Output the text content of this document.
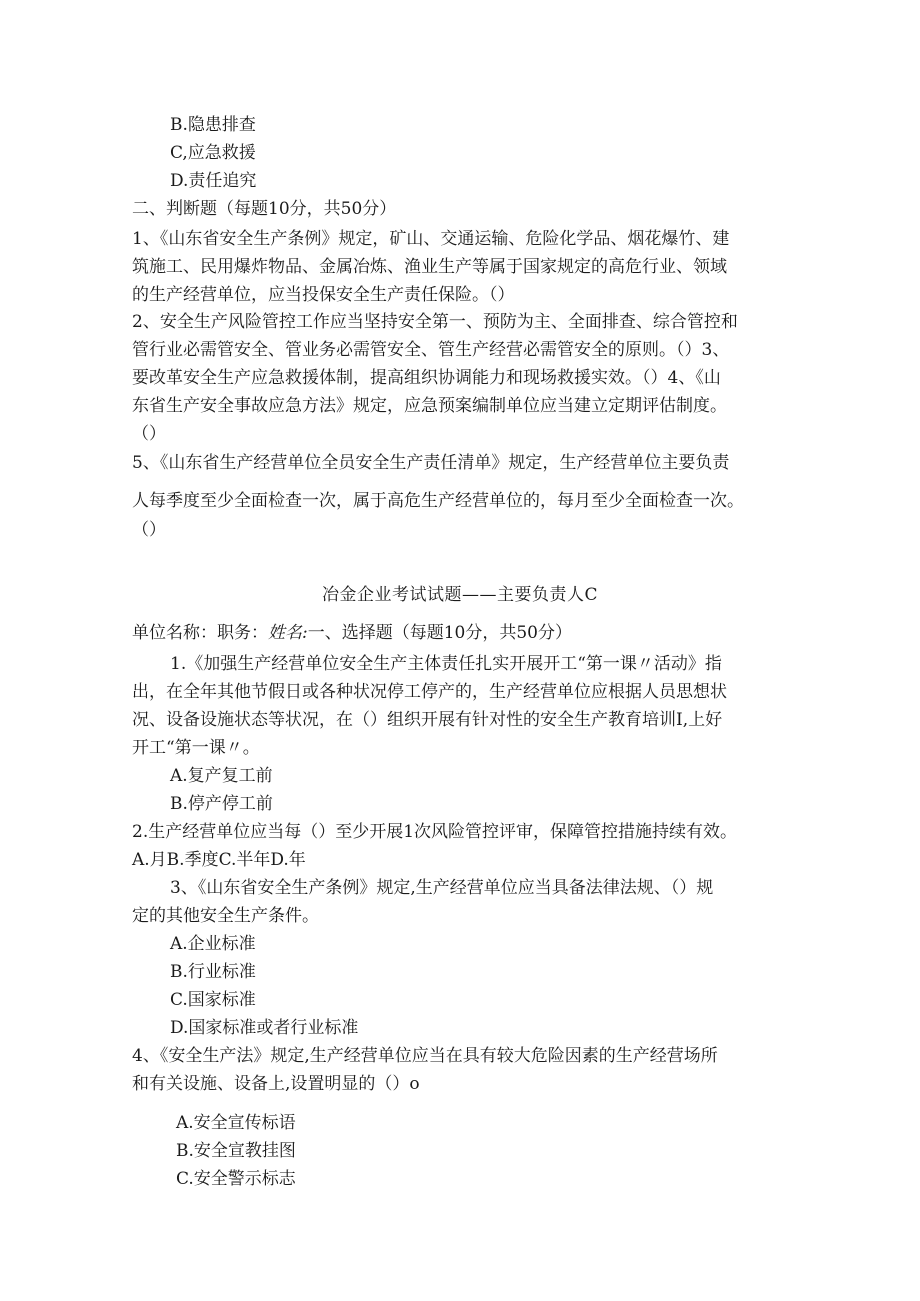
B.隐患排查
C,应急救援
D.责任追究
二、判断题（每题10分，共50分）
1、《山东省安全生产条例》规定，矿山、交通运输、危险化学品、烟花爆竹、建
筑施工、民用爆炸物品、金属冶炼、渔业生产等属于国家规定的高危行业、领域
的生产经营单位，应当投保安全生产责任保险。（）
2、安全生产风险管控工作应当坚持安全第一、预防为主、全面排查、综合管控和
管行业必需管安全、管业务必需管安全、管生产经营必需管安全的原则。（）3、
要改革安全生产应急救援体制，提高组织协调能力和现场救援实效。（）4、《山
东省生产安全事故应急方法》规定，应急预案编制单位应当建立定期评估制度。
（）
5、《山东省生产经营单位全员安全生产责任清单》规定，生产经营单位主要负责
人每季度至少全面检查一次，属于高危生产经营单位的，每月至少全面检查一次。
（）
冶金企业考试试题——主要负责人C
单位名称：职务：姓名:一、选择题（每题10分，共50分）
1.《加强生产经营单位安全生产主体责任扎实开展开工“第一课〃活动》指
出，在全年其他节假日或各种状况停工停产的，生产经营单位应根据人员思想状
况、设备设施状态等状况，在（）组织开展有针对性的安全生产教育培训I,上好
开工“第一课〃。
A.复产复工前
B.停产停工前
2.生产经营单位应当每（）至少开展1次风险管控评审，保障管控措施持续有效。
A.月B.季度C.半年D.年
3、《山东省安全生产条例》规定,生产经营单位应当具备法律法规、（）规
定的其他安全生产条件。
A.企业标准
B.行业标准
C.国家标准
D.国家标准或者行业标准
4、《安全生产法》规定,生产经营单位应当在具有较大危险因素的生产经营场所
和有关设施、设备上,设置明显的（）o
A.安全宣传标语
B.安全宣教挂图
C.安全警示标志
